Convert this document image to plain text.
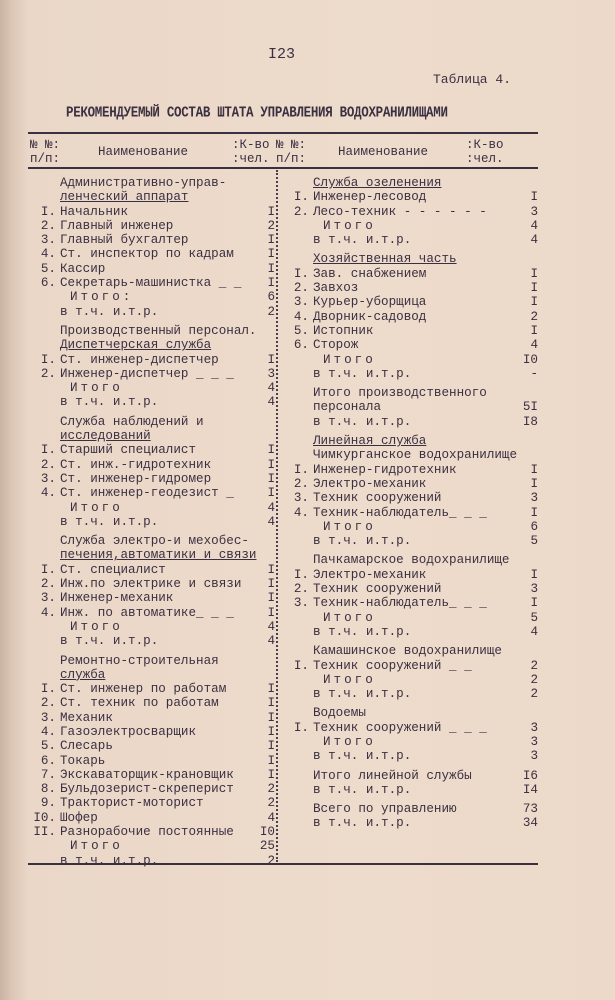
I23
Таблица 4.
РЕКОМЕНДУЕМЫЙ СОСТАВ ШТАТА УПРАВЛЕНИЯ ВОДОХРАНИЛИЩАМИ
№ №:
п/п:	Наименование	:К-во
:чел.
№ №:
п/п:	Наименование	:К-во
:чел.
Административно-управ-
ленческий аппарат
I. Начальник	I
2. Главный инженер	2
3. Главный бухгалтер	I
4. Ст. инспектор по кадрам	I
5. Кассир	I
6. Секретарь-машинистка _ _	I
Итого:	6
в т.ч. и.т.р.	2
Производственный персонал.
Диспетчерская служба
I. Ст. инженер-диспетчер	I
2. Инженер-диспетчер _ _ _	3
Итого	4
в т.ч. и.т.р.	4
Служба наблюдений и
исследований
I. Старший специалист	I
2. Ст. инж.-гидротехник	I
3. Ст. инженер-гидромер	I
4. Ст. инженер-геодезист _	I
Итого	4
в т.ч. и.т.р.	4
Служба электро-и мехобес-
печения,автоматики и связи
I. Ст. специалист	I
2. Инж.по электрике и связи	I
3. Инженер-механик	I
4. Инж. по автоматике_ _ _	I
Итого	4
в т.ч. и.т.р.	4
Ремонтно-строительная
служба
I. Ст. инженер по работам	I
2. Ст. техник по работам	I
3. Механик	I
4. Газоэлектросварщик	I
5. Слесарь	I
6. Токарь	I
7. Экскаваторщик-крановщик	I
8. Бульдозерист-скреперист	2
9. Тракторист-моторист	2
I0. Шофер	4
II. Разнорабочие постоянные	I0
Итого	25
в т.ч. и.т.р.	2
Служба озеленения
I. Инженер-лесовод	I
2. Лесо-техник - - - - - -	3
Итого	4
в т.ч. и.т.р.	4
Хозяйственная часть
I. Зав. снабжением	I
2. Завхоз	I
3. Курьер-уборщица	I
4. Дворник-садовод	2
5. Истопник	I
6. Сторож	4
Итого	I0
в т.ч. и.т.р.	-
Итого производственного
персонала	5I
в т.ч. и.т.р.	I8
Линейная служба
Чимкурганское водохранилище
I. Инженер-гидротехник	I
2. Электро-механик	I
3. Техник сооружений	3
4. Техник-наблюдатель_ _ _	I
Итого	6
в т.ч. и.т.р.	5
Пачкамарское водохранилище
I. Электро-механик	I
2. Техник сооружений	3
3. Техник-наблюдатель_ _ _	I
Итого	5
в т.ч. и.т.р.	4
Камашинское водохранилище
I. Техник сооружений _ _	2
Итого	2
в т.ч. и.т.р.	2
Водоемы
I. Техник сооружений _ _ _	3
Итого	3
в т.ч. и.т.р.	3
Итого линейной службы	I6
в т.ч. и.т.р.	I4
Всего по управлению	73
в т.ч. и.т.р.	34
